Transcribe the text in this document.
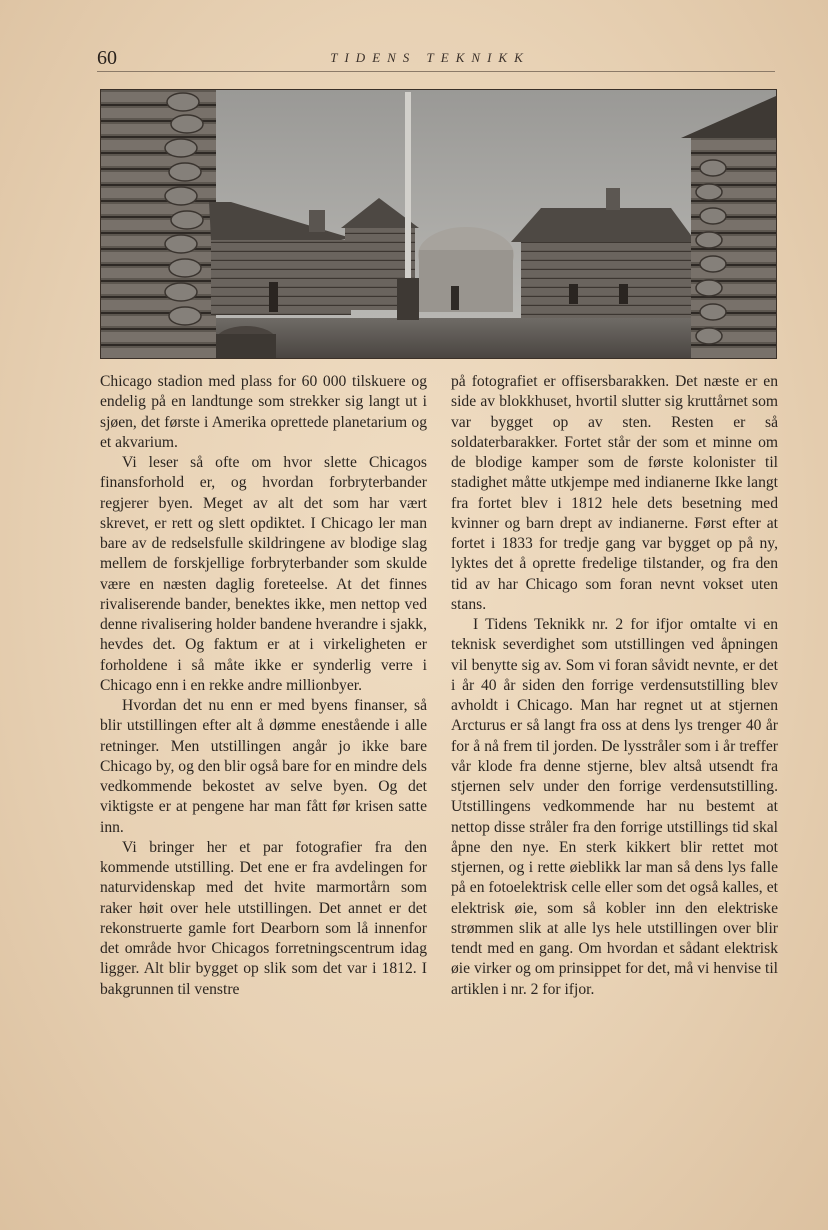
60	TIDENS TEKNIKK

Chicago stadion med plass for 60 000 tilskuere og endelig på en landtunge som strekker sig langt ut i sjøen, det første i Amerika oprettede planetarium og et akvarium.

Vi leser så ofte om hvor slette Chicagos finansforhold er, og hvordan forbryterbander regjerer byen. Meget av alt det som har vært skrevet, er rett og slett opdiktet. I Chicago ler man bare av de redselsfulle skildringene av blodige slag mellem de forskjellige forbryterbander som skulde være en næsten daglig foreteelse. At det finnes rivaliserende bander, benektes ikke, men nettop ved denne rivalisering holder bandene hverandre i sjakk, hevdes det. Og faktum er at i virkeligheten er forholdene i så måte ikke er synderlig verre i Chicago enn i en rekke andre millionbyer.

Hvordan det nu enn er med byens finanser, så blir utstillingen efter alt å dømme enestående i alle retninger. Men utstillingen angår jo ikke bare Chicago by, og den blir også bare for en mindre dels vedkommende bekostet av selve byen. Og det viktigste er at pengene har man fått før krisen satte inn.

Vi bringer her et par fotografier fra den kommende utstilling. Det ene er fra avdelingen for naturvidenskap med det hvite marmortårn som raker høit over hele utstillingen. Det annet er det rekonstruerte gamle fort Dearborn som lå innenfor det område hvor Chicagos forretningscentrum idag ligger. Alt blir bygget op slik som det var i 1812. I bakgrunnen til venstre

på fotografiet er offisersbarakken. Det næste er en side av blokkhuset, hvortil slutter sig kruttårnet som var bygget op av sten. Resten er så soldaterbarakker. Fortet står der som et minne om de blodige kamper som de første kolonister til stadighet måtte utkjempe med indianerne Ikke langt fra fortet blev i 1812 hele dets besetning med kvinner og barn drept av indianerne. Først efter at fortet i 1833 for tredje gang var bygget op på ny, lyktes det å oprette fredelige tilstander, og fra den tid av har Chicago som foran nevnt vokset uten stans.

I Tidens Teknikk nr. 2 for ifjor omtalte vi en teknisk severdighet som utstillingen ved åpningen vil benytte sig av. Som vi foran såvidt nevnte, er det i år 40 år siden den forrige verdensutstilling blev avholdt i Chicago. Man har regnet ut at stjernen Arcturus er så langt fra oss at dens lys trenger 40 år for å nå frem til jorden. De lysstråler som i år treffer vår klode fra denne stjerne, blev altså utsendt fra stjernen selv under den forrige verdensutstilling. Utstillingens vedkommende har nu bestemt at nettop disse stråler fra den forrige utstillings tid skal åpne den nye. En sterk kikkert blir rettet mot stjernen, og i rette øieblikk lar man så dens lys falle på en fotoelektrisk celle eller som det også kalles, et elektrisk øie, som så kobler inn den elektriske strømmen slik at alle lys hele utstillingen over blir tendt med en gang. Om hvordan et sådant elektrisk øie virker og om prinsippet for det, må vi henvise til artiklen i nr. 2 for ifjor.
